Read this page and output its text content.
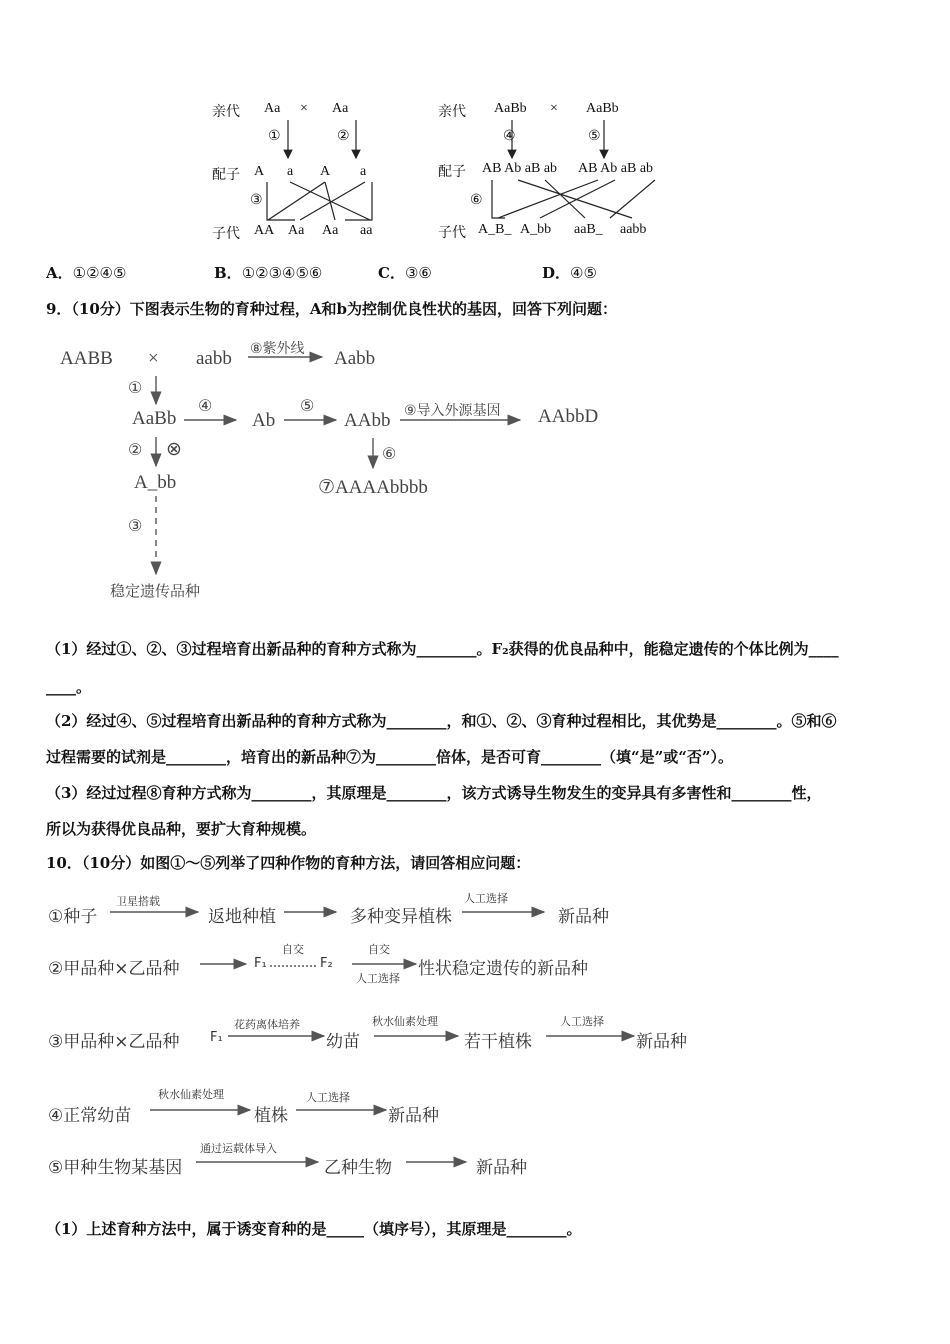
亲代 Aa × Aa
①	②
配子 A a A a
③
子代 AA Aa Aa aa
亲代 AaBb × AaBb
④	⑤
配子 AB Ab aB ab AB Ab aB ab
⑥
子代 A_B_ A_bb aaB_ aabb
A．①②④⑤	B．①②③④⑤⑥	C．③⑥	D．④⑤
9．（10分）下图表示生物的育种过程，A和b为控制优良性状的基因，回答下列问题：
AABB × aabb ⑧紫外线 Aabb
①
AaBb
④
Ab
⑤
AAbb ⑨导入外源基因 AAbbD
② ⊗
A_bb
⑥
⑦AAAAbbbb
③
稳定遗传品种
（1）经过①、②、③过程培育出新品种的育种方式称为________。F₂获得的优良品种中，能稳定遗传的个体比例为____
____。
（2）经过④、⑤过程培育出新品种的育种方式称为________，和①、②、③育种过程相比，其优势是________。⑤和⑥
过程需要的试剂是________，培育出的新品种⑦为________倍体，是否可育________（填“是”或“否”）。
（3）经过过程⑧育种方式称为________，其原理是________，该方式诱导生物发生的变异具有多害性和________性，
所以为获得优良品种，要扩大育种规模。
10．（10分）如图①～⑤列举了四种作物的育种方法，请回答相应问题：
①种子
卫星搭载
返地种植	多种变异植株
人工选择
新品种
②甲品种×乙品种	F₁
自交
F₂
自交
人工选择 性状稳定遗传的新品种
③甲品种×乙品种 F₁
花药离体培养
幼苗
秋水仙素处理
若干植株
人工选择
新品种
④正常幼苗
秋水仙素处理
植株
人工选择
新品种
⑤甲种生物某基因
通过运载体导入
乙种生物	新品种
（1）上述育种方法中，属于诱变育种的是_____（填序号），其原理是________。
